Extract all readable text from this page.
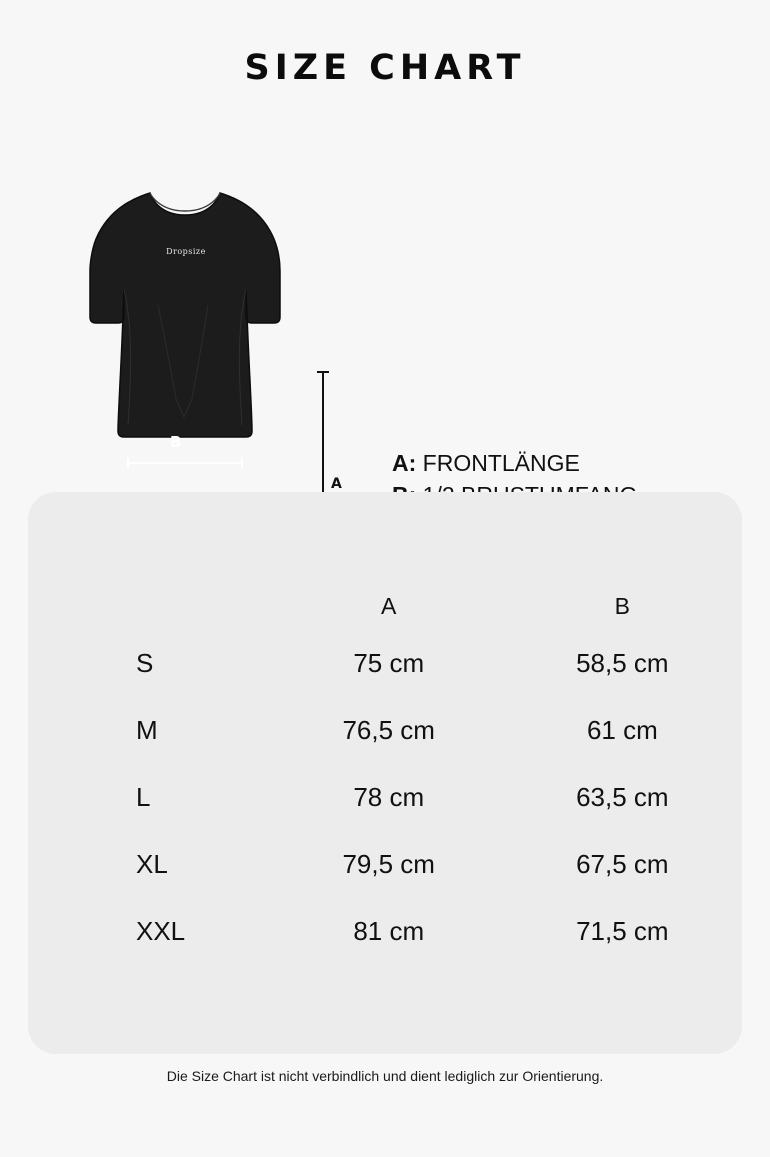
SIZE CHART
Dropsize
B
A
A: FRONTLÄNGE
	A	B
S	75 cm	58,5 cm
M	76,5 cm	61 cm
L	78 cm	63,5 cm
XL	79,5 cm	67,5 cm
XXL	81 cm	71,5 cm
Die Size Chart ist nicht verbindlich und dient lediglich zur Orientierung.
